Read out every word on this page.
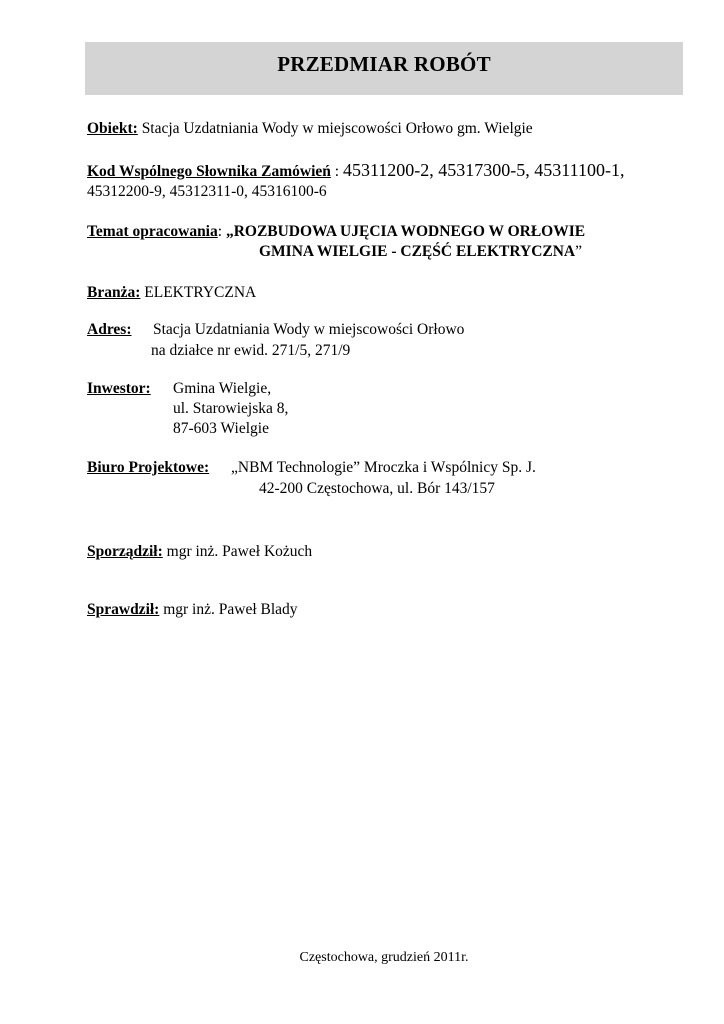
PRZEDMIAR ROBÓT
Obiekt: Stacja Uzdatniania Wody w miejscowości Orłowo gm. Wielgie
Kod Wspólnego Słownika Zamówień : 45311200-2, 45317300-5, 45311100-1,
45312200-9, 45312311-0, 45316100-6
Temat opracowania: „ROZBUDOWA UJĘCIA WODNEGO W ORŁOWIE
GMINA WIELGIE - CZĘŚĆ ELEKTRYCZNA”
Branża: ELEKTRYCZNA
Adres: Stacja Uzdatniania Wody w miejscowości Orłowo
na działce nr ewid. 271/5, 271/9
Inwestor: Gmina Wielgie,
ul. Starowiejska 8,
87-603 Wielgie
Biuro Projektowe: „NBM Technologie” Mroczka i Wspólnicy Sp. J.
42-200 Częstochowa, ul. Bór 143/157
Sporządził: mgr inż. Paweł Kożuch
Sprawdził: mgr inż. Paweł Blady
Częstochowa, grudzień 2011r.
